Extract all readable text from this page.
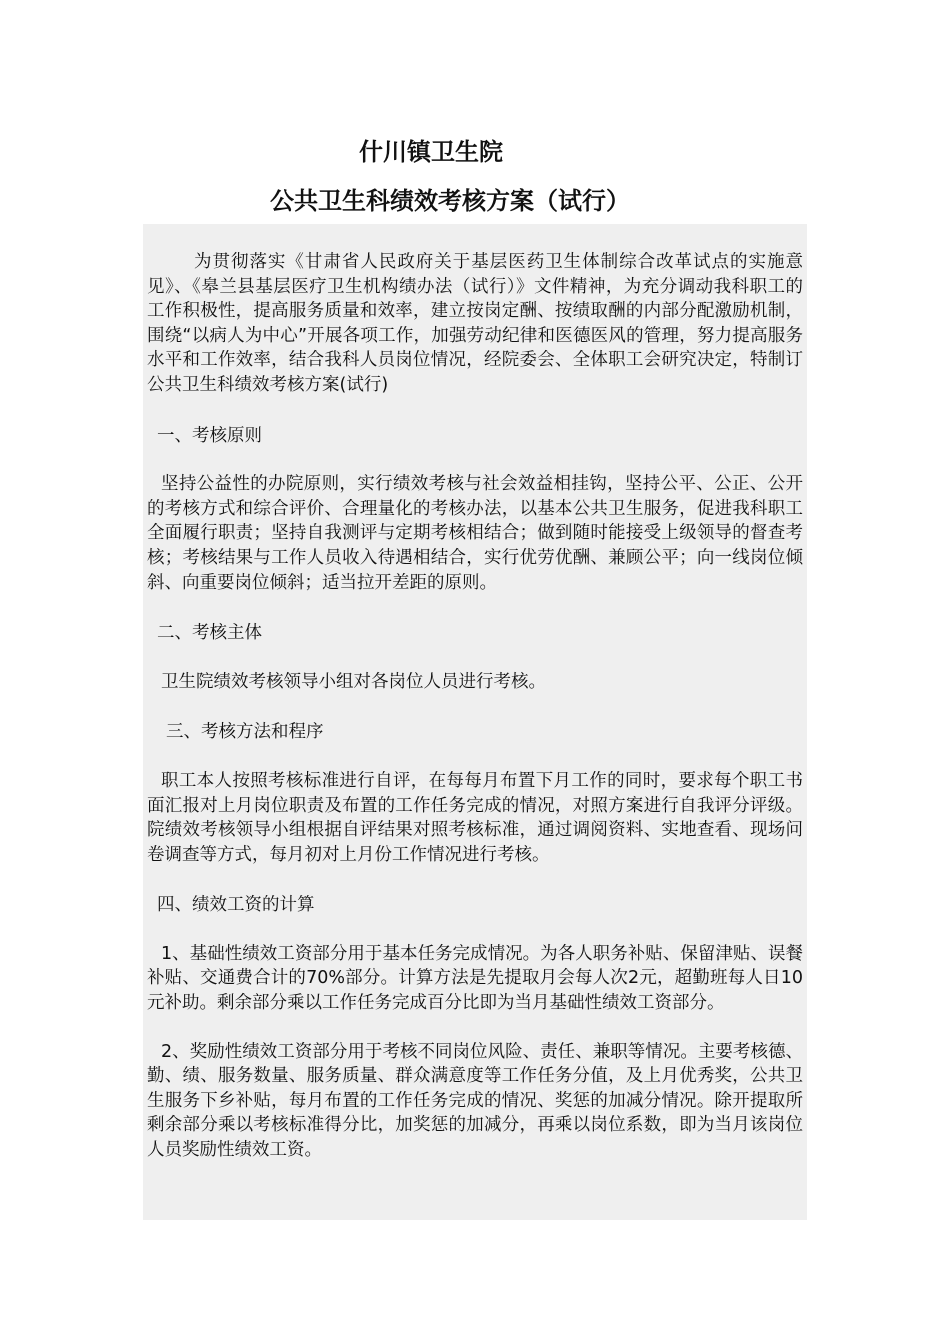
什川镇卫生院
公共卫生科绩效考核方案（试行）

为贯彻落实《甘肃省人民政府关于基层医药卫生体制综合改革试点的实施意见》、《皋兰县基层医疗卫生机构绩办法（试行）》文件精神，为充分调动我科职工的工作积极性，提高服务质量和效率，建立按岗定酬、按绩取酬的内部分配激励机制，围绕“以病人为中心”开展各项工作，加强劳动纪律和医德医风的管理，努力提高服务水平和工作效率，结合我科人员岗位情况，经院委会、全体职工会研究决定，特制订公共卫生科绩效考核方案(试行)

一、考核原则

坚持公益性的办院原则，实行绩效考核与社会效益相挂钩，坚持公平、公正、公开的考核方式和综合评价、合理量化的考核办法，以基本公共卫生服务，促进我科职工全面履行职责；坚持自我测评与定期考核相结合；做到随时能接受上级领导的督查考核；考核结果与工作人员收入待遇相结合，实行优劳优酬、兼顾公平；向一线岗位倾斜、向重要岗位倾斜；适当拉开差距的原则。

二、考核主体

卫生院绩效考核领导小组对各岗位人员进行考核。

三、考核方法和程序

职工本人按照考核标准进行自评，在每每月布置下月工作的同时，要求每个职工书面汇报对上月岗位职责及布置的工作任务完成的情况，对照方案进行自我评分评级。院绩效考核领导小组根据自评结果对照考核标准，通过调阅资料、实地查看、现场问卷调查等方式，每月初对上月份工作情况进行考核。

四、绩效工资的计算

1、基础性绩效工资部分用于基本任务完成情况。为各人职务补贴、保留津贴、误餐补贴、交通费合计的70%部分。计算方法是先提取月会每人次2元，超勤班每人日10元补助。剩余部分乘以工作任务完成百分比即为当月基础性绩效工资部分。

2、奖励性绩效工资部分用于考核不同岗位风险、责任、兼职等情况。主要考核德、勤、绩、服务数量、服务质量、群众满意度等工作任务分值，及上月优秀奖，公共卫生服务下乡补贴，每月布置的工作任务完成的情况、奖惩的加减分情况。除开提取所剩余部分乘以考核标准得分比，加奖惩的加减分，再乘以岗位系数，即为当月该岗位人员奖励性绩效工资。
